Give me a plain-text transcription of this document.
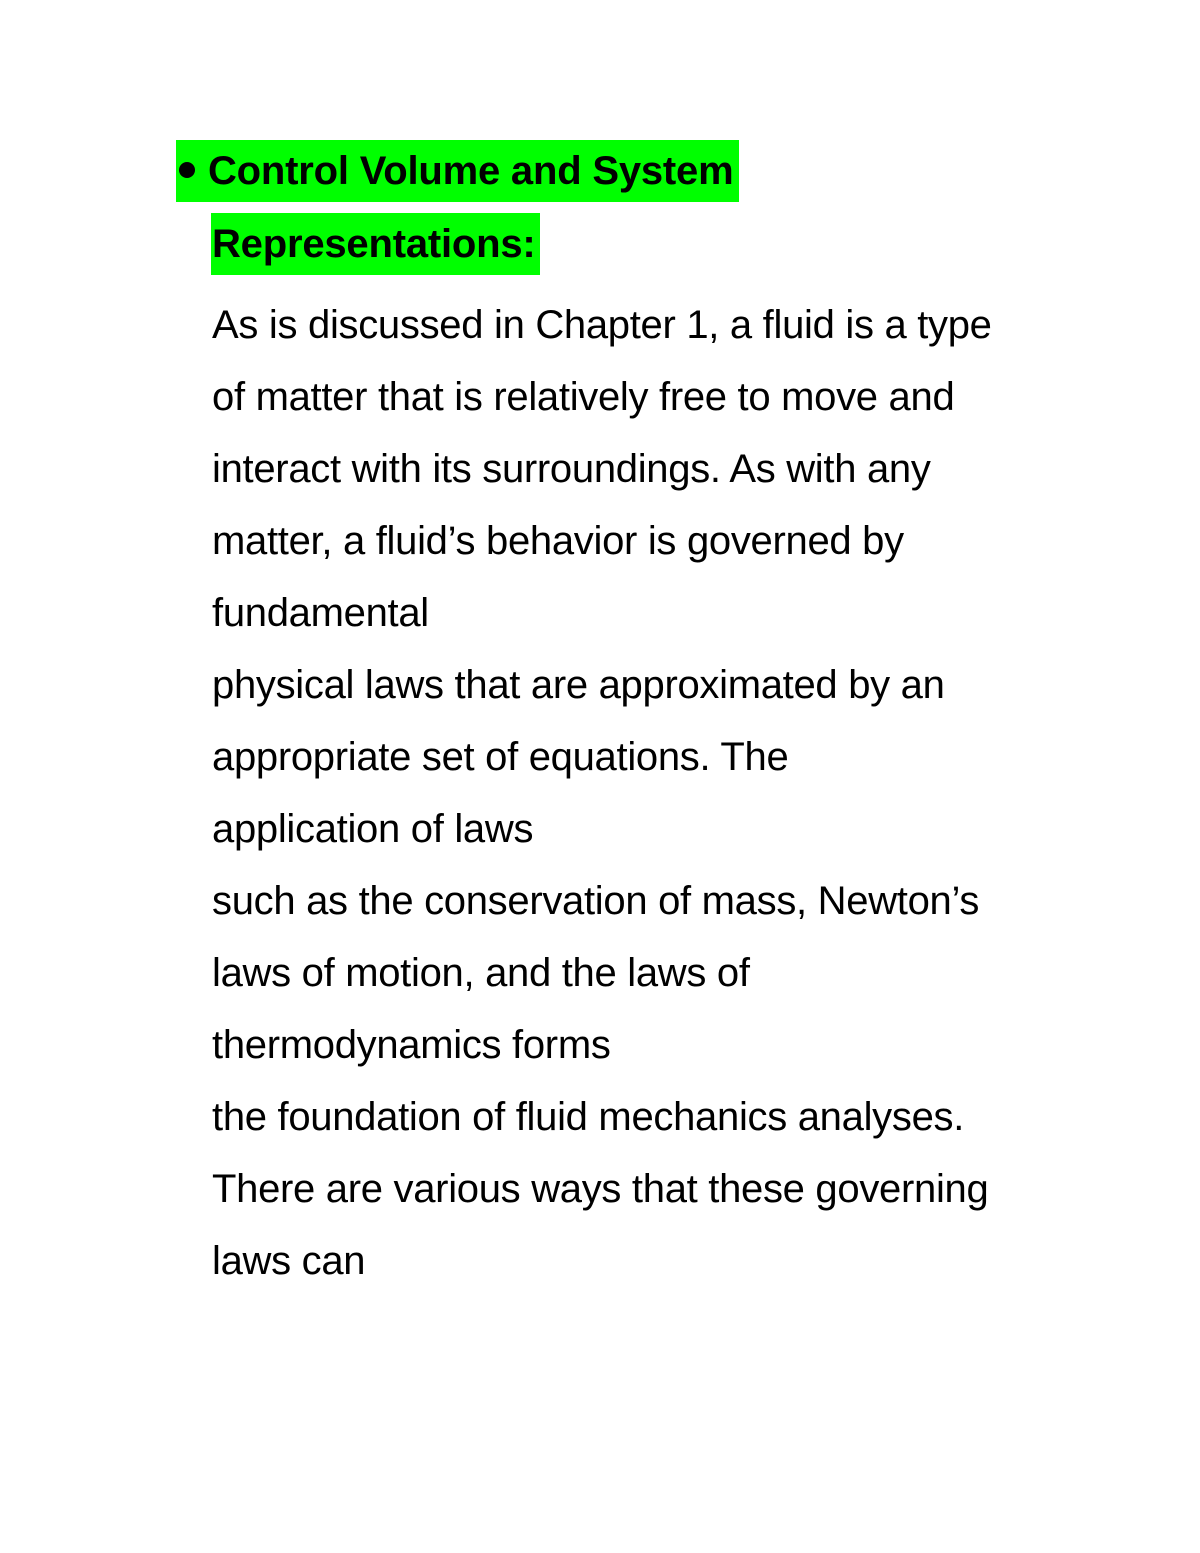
Control Volume and System
Representations:
As is discussed in Chapter 1, a fluid is a type
of matter that is relatively free to move and
interact with its surroundings. As with any
matter, a fluid’s behavior is governed by
fundamental
physical laws that are approximated by an
appropriate set of equations. The
application of laws
such as the conservation of mass, Newton’s
laws of motion, and the laws of
thermodynamics forms
the foundation of fluid mechanics analyses.
There are various ways that these governing
laws can
